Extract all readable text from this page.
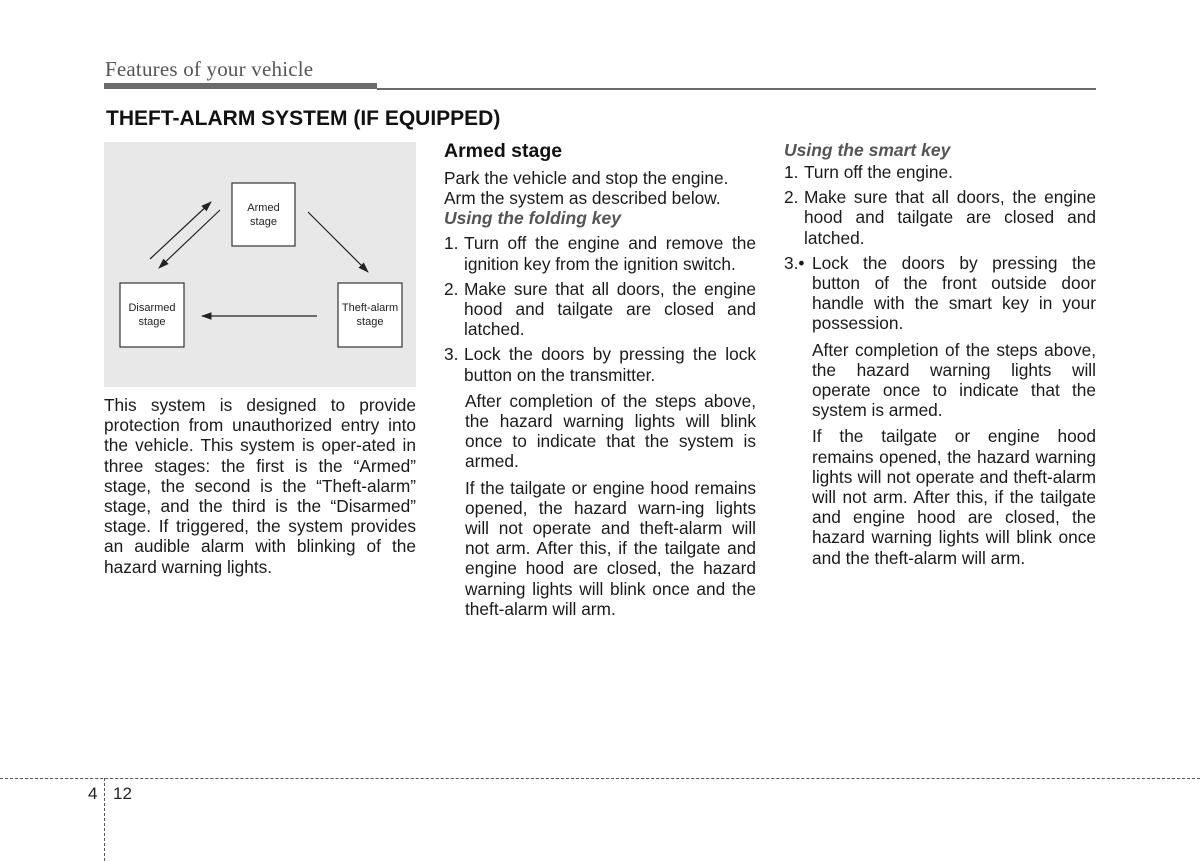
Features of your vehicle
THEFT-ALARM SYSTEM (IF EQUIPPED)
Armed
stage
Disarmed
stage
Theft-alarm
stage

This system is designed to provide protection from unauthorized entry into the vehicle. This system is oper-ated in three stages: the first is the “Armed” stage, the second is the “Theft-alarm” stage, and the third is the “Disarmed” stage. If triggered, the system provides an audible alarm with blinking of the hazard warning lights.

Armed stage

Park the vehicle and stop the engine. Arm the system as described below.

Using the folding key

1. Turn off the engine and remove the ignition key from the ignition switch.
2. Make sure that all doors, the engine hood and tailgate are closed and latched.
3. Lock the doors by pressing the lock button on the transmitter.

After completion of the steps above, the hazard warning lights will blink once to indicate that the system is armed.

If the tailgate or engine hood remains opened, the hazard warn-ing lights will not operate and theft-alarm will not arm. After this, if the tailgate and engine hood are closed, the hazard warning lights will blink once and the theft-alarm will arm.

Using the smart key

1. Turn off the engine.
2. Make sure that all doors, the engine hood and tailgate are closed and latched.
3.• Lock the doors by pressing the button of the front outside door handle with the smart key in your possession.

After completion of the steps above, the hazard warning lights will operate once to indicate that the system is armed.

If the tailgate or engine hood remains opened, the hazard warning lights will not operate and theft-alarm will not arm. After this, if the tailgate and engine hood are closed, the hazard warning lights will blink once and the theft-alarm will arm.

4 12
